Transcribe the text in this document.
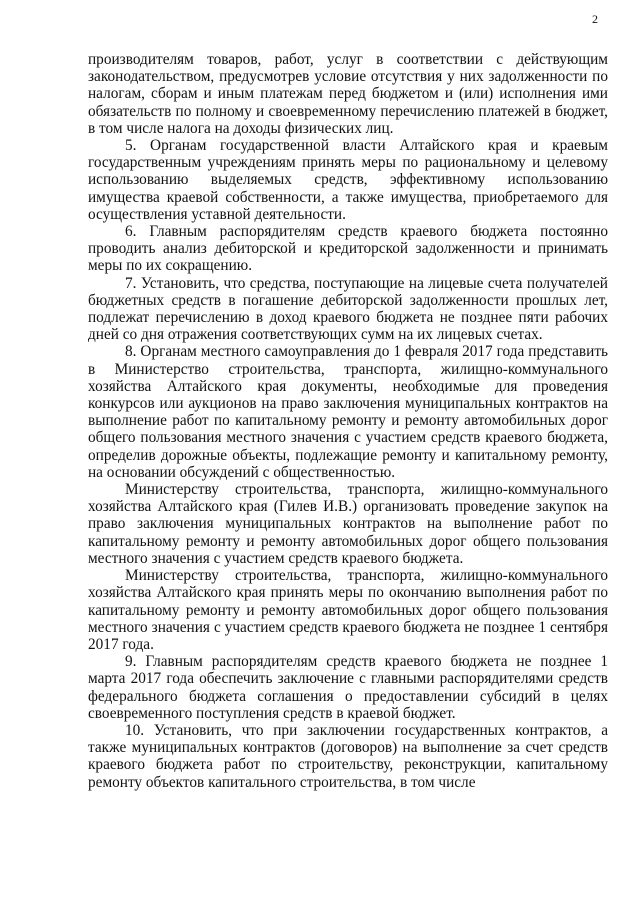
2

производителям товаров, работ, услуг в соответствии с действующим законодательством, предусмотрев условие отсутствия у них задолженности по налогам, сборам и иным платежам перед бюджетом и (или) исполнения ими обязательств по полному и своевременному перечислению платежей в бюджет, в том числе налога на доходы физических лиц.

5. Органам государственной власти Алтайского края и краевым государственным учреждениям принять меры по рациональному и целевому использованию выделяемых средств, эффективному использованию имущества краевой собственности, а также имущества, приобретаемого для осуществления уставной деятельности.

6. Главным распорядителям средств краевого бюджета постоянно проводить анализ дебиторской и кредиторской задолженности и принимать меры по их сокращению.

7. Установить, что средства, поступающие на лицевые счета получателей бюджетных средств в погашение дебиторской задолженности прошлых лет, подлежат перечислению в доход краевого бюджета не позднее пяти рабочих дней со дня отражения соответствующих сумм на их лицевых счетах.

8. Органам местного самоуправления до 1 февраля 2017 года представить в Министерство строительства, транспорта, жилищно-коммунального хозяйства Алтайского края документы, необходимые для проведения конкурсов или аукционов на право заключения муниципальных контрактов на выполнение работ по капитальному ремонту и ремонту автомобильных дорог общего пользования местного значения с участием средств краевого бюджета, определив дорожные объекты, подлежащие ремонту и капитальному ремонту, на основании обсуждений с общественностью.

Министерству строительства, транспорта, жилищно-коммунального хозяйства Алтайского края (Гилев И.В.) организовать проведение закупок на право заключения муниципальных контрактов на выполнение работ по капитальному ремонту и ремонту автомобильных дорог общего пользования местного значения с участием средств краевого бюджета.

Министерству строительства, транспорта, жилищно-коммунального хозяйства Алтайского края принять меры по окончанию выполнения работ по капитальному ремонту и ремонту автомобильных дорог общего пользования местного значения с участием средств краевого бюджета не позднее 1 сентября 2017 года.

9. Главным распорядителям средств краевого бюджета не позднее 1 марта 2017 года обеспечить заключение с главными распорядителями средств федерального бюджета соглашения о предоставлении субсидий в целях своевременного поступления средств в краевой бюджет.

10. Установить, что при заключении государственных контрактов, а также муниципальных контрактов (договоров) на выполнение за счет средств краевого бюджета работ по строительству, реконструкции, капитальному ремонту объектов капитального строительства, в том числе
